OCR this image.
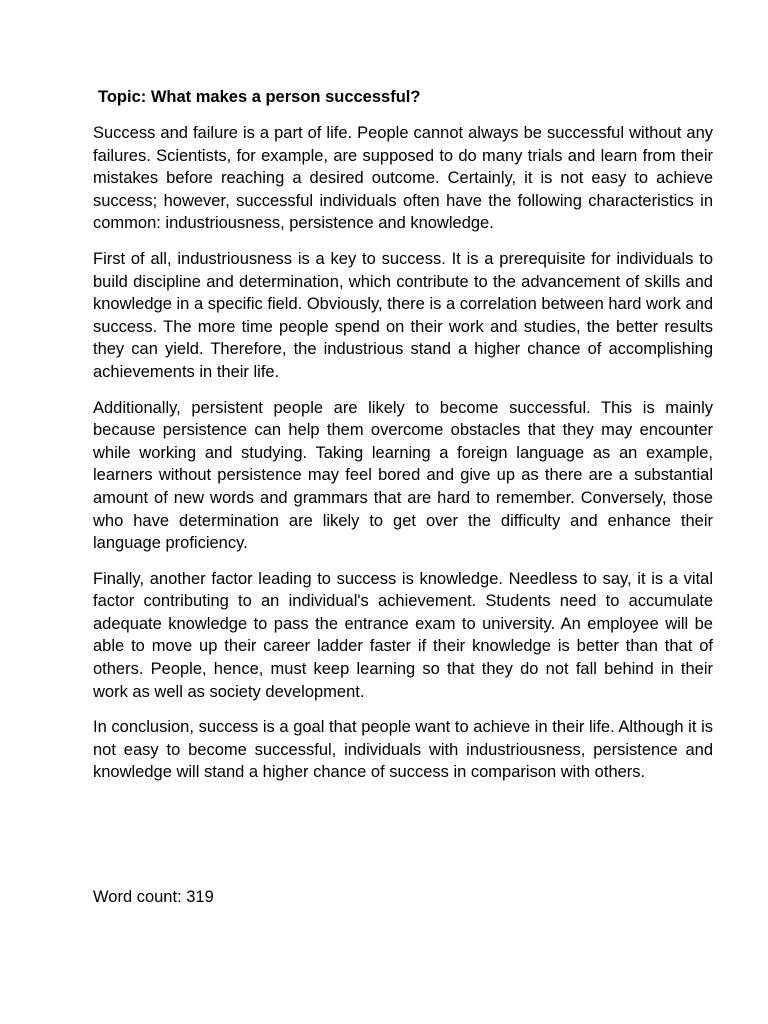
Topic: What makes a person successful?

Success and failure is a part of life. People cannot always be successful without any failures. Scientists, for example, are supposed to do many trials and learn from their mistakes before reaching a desired outcome. Certainly, it is not easy to achieve success; however, successful individuals often have the following characteristics in common: industriousness, persistence and knowledge.

First of all, industriousness is a key to success. It is a prerequisite for individuals to build discipline and determination, which contribute to the advancement of skills and knowledge in a specific field. Obviously, there is a correlation between hard work and success. The more time people spend on their work and studies, the better results they can yield. Therefore, the industrious stand a higher chance of accomplishing achievements in their life.

Additionally, persistent people are likely to become successful. This is mainly because persistence can help them overcome obstacles that they may encounter while working and studying. Taking learning a foreign language as an example, learners without persistence may feel bored and give up as there are a substantial amount of new words and grammars that are hard to remember. Conversely, those who have determination are likely to get over the difficulty and enhance their language proficiency.

Finally, another factor leading to success is knowledge. Needless to say, it is a vital factor contributing to an individual's achievement. Students need to accumulate adequate knowledge to pass the entrance exam to university. An employee will be able to move up their career ladder faster if their knowledge is better than that of others. People, hence, must keep learning so that they do not fall behind in their work as well as society development.

In conclusion, success is a goal that people want to achieve in their life. Although it is not easy to become successful, individuals with industriousness, persistence and knowledge will stand a higher chance of success in comparison with others.

Word count: 319
